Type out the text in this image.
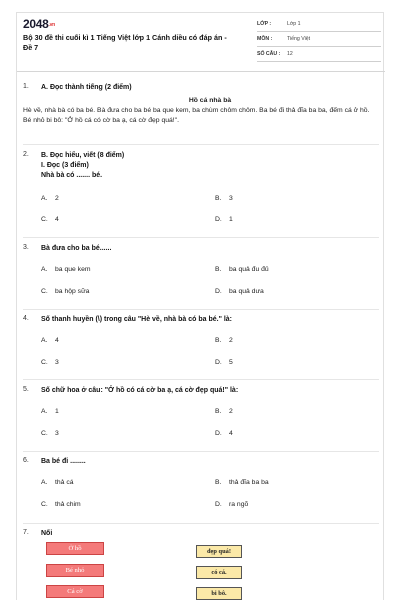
2048.vn
Bộ 30 đề thi cuối kì 1 Tiếng Việt lớp 1 Cánh diều có đáp án - Đề 7
LỚP :	Lớp 1
MÔN :	Tiếng Việt
SỐ CÂU : 12
1. A. Đọc thành tiếng (2 điểm)
Hồ cá nhà bà
Hè về, nhà bà có ba bé. Bà đưa cho ba bé ba que kem, ba chùm chôm chôm. Ba bé đi thả đĩa ba ba, đếm cá ở hồ. Bé nhỏ bi bô: "Ở hồ cá có cờ ba ạ, cá cờ đẹp quá!".
2. B. Đọc hiểu, viết (8 điểm)
I. Đọc (3 điểm)
Nhà bà có ....... bé.
A. 2	B. 3
C. 4	D. 1
3. Bà đưa cho ba bé......
A. ba que kem	B. ba quả đu đủ
C. ba hộp sữa	D. ba quả dưa
4. Số thanh huyền (\) trong câu "Hè về, nhà bà có ba bé." là:
A. 4	B. 2
C. 3	D. 5
5. Số chữ hoa ở câu: "Ở hồ có cá cờ ba ạ, cá cờ đẹp quá!" là:
A. 1	B. 2
C. 3	D. 4
6. Ba bé đi ........
A. thả cá	B. thả đĩa ba ba
C. thả chim	D. ra ngõ
7. Nối
Ở hồ
Bé nhỏ
Cá cờ
đẹp quá!
có cá.
bi bô.
